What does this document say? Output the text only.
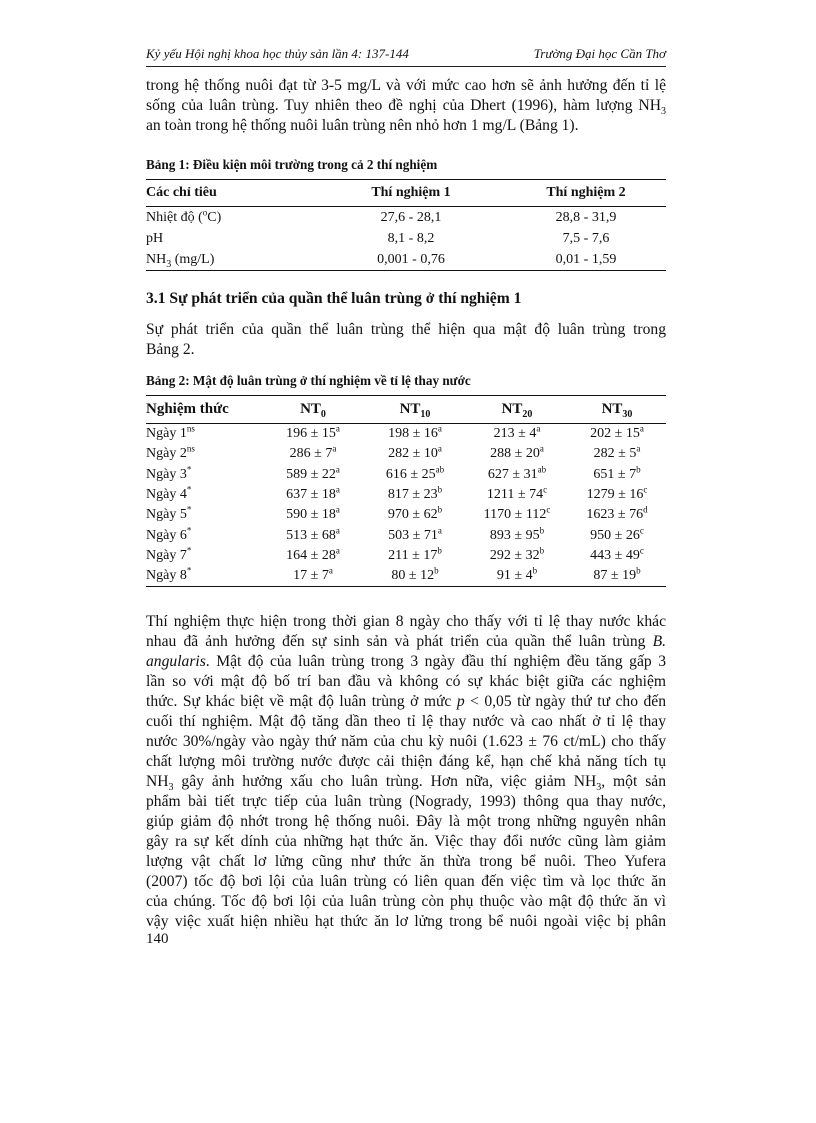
Kỷ yếu Hội nghị khoa học thủy sản lần 4: 137-144	Trường Đại học Cần Thơ

trong hệ thống nuôi đạt từ 3-5 mg/L và với mức cao hơn sẽ ảnh hưởng đến tỉ lệ
sống của luân trùng. Tuy nhiên theo đề nghị của Dhert (1996), hàm lượng $NH_3$
an toàn trong hệ thống nuôi luân trùng nên nhỏ hơn 1 mg/L (Bảng 1).

Bảng 1: Điều kiện môi trường trong cả 2 thí nghiệm

Các chỉ tiêu	Thí nghiệm 1	Thí nghiệm 2
Nhiệt độ ($^o$C)	27,6 - 28,1	28,8 - 31,9
pH	8,1 - 8,2	7,5 - 7,6
$NH_3$ (mg/L)	0,001 - 0,76	0,01 - 1,59

3.1 Sự phát triển của quần thể luân trùng ở thí nghiệm 1

Sự phát triển của quần thể luân trùng thể hiện qua mật độ luân trùng trong
Bảng 2.

Bảng 2: Mật độ luân trùng ở thí nghiệm về tỉ lệ thay nước

Nghiệm thức	$NT_0$	$NT_{10}$	$NT_{20}$	$NT_{30}$
Ngày $1^{ns}$	$196 \pm 15^a$	$198 \pm 16^a$	$213 \pm 4^a$	$202 \pm 15^a$
Ngày $2^{ns}$	$286 \pm 7^a$	$282 \pm 10^a$	$288 \pm 20^a$	$282 \pm 5^a$
Ngày 3*	$589 \pm 22^a$	$616 \pm 25^{ab}$	$627 \pm 31^{ab}$	$651 \pm 7^b$
Ngày 4*	$637 \pm 18^a$	$817 \pm 23^b$	$1211 \pm 74^c$	$1279 \pm 16^c$
Ngày 5*	$590 \pm 18^a$	$970 \pm 62^b$	$1170 \pm 112^c$	$1623 \pm 76^d$
Ngày 6*	$513 \pm 68^a$	$503 \pm 71^a$	$893 \pm 95^b$	$950 \pm 26^c$
Ngày 7*	$164 \pm 28^a$	$211 \pm 17^b$	$292 \pm 32^b$	$443 \pm 49^c$
Ngày 8*	$17 \pm 7^a$	$80 \pm 12^b$	$91 \pm 4^b$	$87 \pm 19^b$

Thí nghiệm thực hiện trong thời gian 8 ngày cho thấy với tỉ lệ thay nước khác
nhau đã ảnh hưởng đến sự sinh sản và phát triển của quần thể luân trùng B.
angularis. Mật độ của luân trùng trong 3 ngày đầu thí nghiệm đều tăng gấp 3
lần so với mật độ bố trí ban đầu và không có sự khác biệt giữa các nghiệm
thức. Sự khác biệt về mật độ luân trùng ở mức p < 0,05 từ ngày thứ tư cho đến
cuối thí nghiệm. Mật độ tăng dần theo tỉ lệ thay nước và cao nhất ở tỉ lệ thay
nước 30%/ngày vào ngày thứ năm của chu kỳ nuôi (1.623 ± 76 ct/mL) cho thấy
chất lượng môi trường nước được cải thiện đáng kể, hạn chế khả năng tích tụ
$NH_3$ gây ảnh hưởng xấu cho luân trùng. Hơn nữa, việc giảm $NH_3$, một sản
phẩm bài tiết trực tiếp của luân trùng (Nogrady, 1993) thông qua thay nước,
giúp giảm độ nhớt trong hệ thống nuôi. Đây là một trong những nguyên nhân
gây ra sự kết dính của những hạt thức ăn. Việc thay đổi nước cũng làm giảm
lượng vật chất lơ lửng cũng như thức ăn thừa trong bể nuôi. Theo Yufera
(2007) tốc độ bơi lội của luân trùng có liên quan đến việc tìm và lọc thức ăn
của chúng. Tốc độ bơi lội của luân trùng còn phụ thuộc vào mật độ thức ăn vì
vậy việc xuất hiện nhiều hạt thức ăn lơ lửng trong bể nuôi ngoài việc bị phân

140
